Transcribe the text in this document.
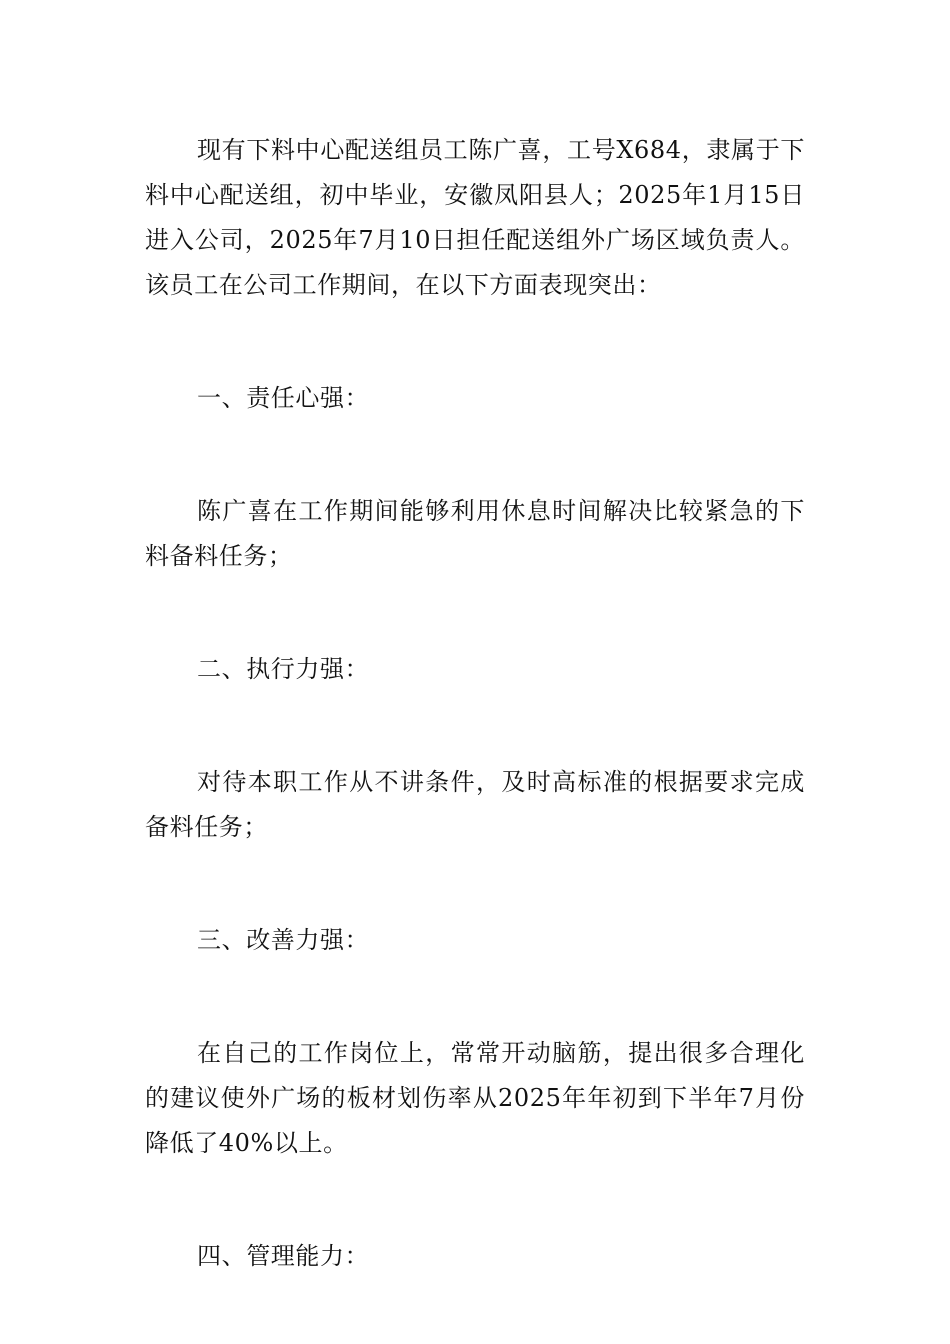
现有下料中心配送组员工陈广喜，工号X684，隶属于下料中心配送组，初中毕业，安徽凤阳县人；2025年1月15日进入公司，2025年7月10日担任配送组外广场区域负责人。该员工在公司工作期间，在以下方面表现突出：

一、责任心强：

陈广喜在工作期间能够利用休息时间解决比较紧急的下料备料任务；

二、执行力强：

对待本职工作从不讲条件，及时高标准的根据要求完成备料任务；

三、改善力强：

在自己的工作岗位上，常常开动脑筋，提出很多合理化的建议使外广场的板材划伤率从2025年年初到下半年7月份降低了40%以上。

四、管理能力：
